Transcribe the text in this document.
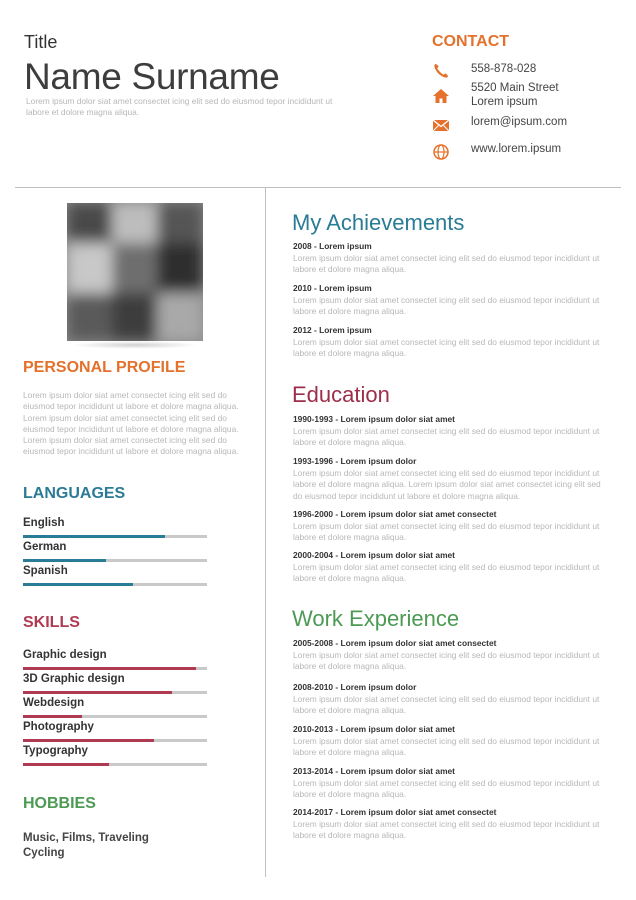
Title
Name Surname
Lorem ipsum dolor siat amet consectet icing elit sed do eiusmod tepor incididunt ut labore et dolore magna aliqua.
CONTACT
558-878-028
5520 Main Street
Lorem ipsum
lorem@ipsum.com
www.lorem.ipsum
PERSONAL PROFILE
Lorem ipsum dolor siat amet consectet icing elit sed do eiusmod tepor incididunt ut labore et dolore magna aliqua. Lorem ipsum dolor siat amet consectet icing elit sed do eiusmod tepor incididunt ut labore et dolore magna aliqua. Lorem ipsum dolor siat amet consectet icing elit sed do eiusmod tepor incididunt ut labore et dolore magna aliqua.
LANGUAGES
English
German
Spanish
SKILLS
Graphic design
3D Graphic design
Webdesign
Photography
Typography
HOBBIES
Music, Films, Traveling
Cycling
My Achievements
2008 - Lorem ipsum
Lorem ipsum dolor siat amet consectet icing elit sed do eiusmod tepor incididunt ut labore et dolore magna aliqua.
2010 - Lorem ipsum
Lorem ipsum dolor siat amet consectet icing elit sed do eiusmod tepor incididunt ut labore et dolore magna aliqua.
2012 - Lorem ipsum
Lorem ipsum dolor siat amet consectet icing elit sed do eiusmod tepor incididunt ut labore et dolore magna aliqua.
Education
1990-1993 - Lorem ipsum dolor siat amet
Lorem ipsum dolor siat amet consectet icing elit sed do eiusmod tepor incididunt ut labore et dolore magna aliqua.
1993-1996 - Lorem ipsum dolor
Lorem ipsum dolor siat amet consectet icing elit sed do eiusmod tepor incididunt ut labore et dolore magna aliqua. Lorem ipsum dolor siat amet consectet icing elit sed do eiusmod tepor incididunt ut labore et dolore magna aliqua.
1996-2000 - Lorem ipsum dolor siat amet consectet
Lorem ipsum dolor siat amet consectet icing elit sed do eiusmod tepor incididunt ut labore et dolore magna aliqua.
2000-2004 - Lorem ipsum dolor siat amet
Lorem ipsum dolor siat amet consectet icing elit sed do eiusmod tepor incididunt ut labore et dolore magna aliqua.
Work Experience
2005-2008 - Lorem ipsum dolor siat amet consectet
Lorem ipsum dolor siat amet consectet icing elit sed do eiusmod tepor incididunt ut labore et dolore magna aliqua.
2008-2010 - Lorem ipsum dolor
Lorem ipsum dolor siat amet consectet icing elit sed do eiusmod tepor incididunt ut labore et dolore magna aliqua.
2010-2013 - Lorem ipsum dolor siat amet
Lorem ipsum dolor siat amet consectet icing elit sed do eiusmod tepor incididunt ut labore et dolore magna aliqua.
2013-2014 - Lorem ipsum dolor siat amet
Lorem ipsum dolor siat amet consectet icing elit sed do eiusmod tepor incididunt ut labore et dolore magna aliqua.
2014-2017 - Lorem ipsum dolor siat amet consectet
Lorem ipsum dolor siat amet consectet icing elit sed do eiusmod tepor incididunt ut labore et dolore magna aliqua.
